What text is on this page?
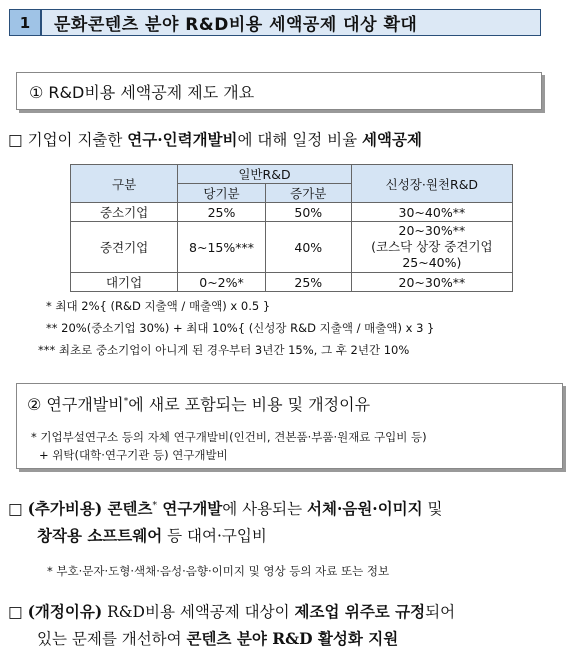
1	문화콘텐츠 분야 R&D비용 세액공제 대상 확대
① R&D비용 세액공제 제도 개요
□ 기업이 지출한 연구·인력개발비에 대해 일정 비율 세액공제
구분	일반R&D		신성장·원천R&D
	당기분	증가분	
중소기업	25%	50%	30~40%**
중견기업	8~15%***	40%	20~30%**
(코스닥 상장 중견기업
25~40%)

대기업	0~2%*	25%	20~30%**
* 최대 2%{ (R&D 지출액 / 매출액) x 0.5 }
** 20%(중소기업 30%) + 최대 10%{ (신성장 R&D 지출액 / 매출액) x 3 }
*** 최초로 중소기업이 아니게 된 경우부터 3년간 15%, 그 후 2년간 10%
② 연구개발비*에 새로 포함되는 비용 및 개정이유
* 기업부설연구소 등의 자체 연구개발비(인건비, 견본품·부품·원재료 구입비 등)
+ 위탁(대학·연구기관 등) 연구개발비
□ (추가비용) 콘텐츠* 연구개발에 사용되는 서체·음원·이미지 및
창작용 소프트웨어 등 대여·구입비
* 부호·문자·도형·색채·음성·음향·이미지 및 영상 등의 자료 또는 정보
□ (개정이유) R&D비용 세액공제 대상이 제조업 위주로 규정되어
있는 문제를 개선하여 콘텐츠 분야 R&D 활성화 지원
